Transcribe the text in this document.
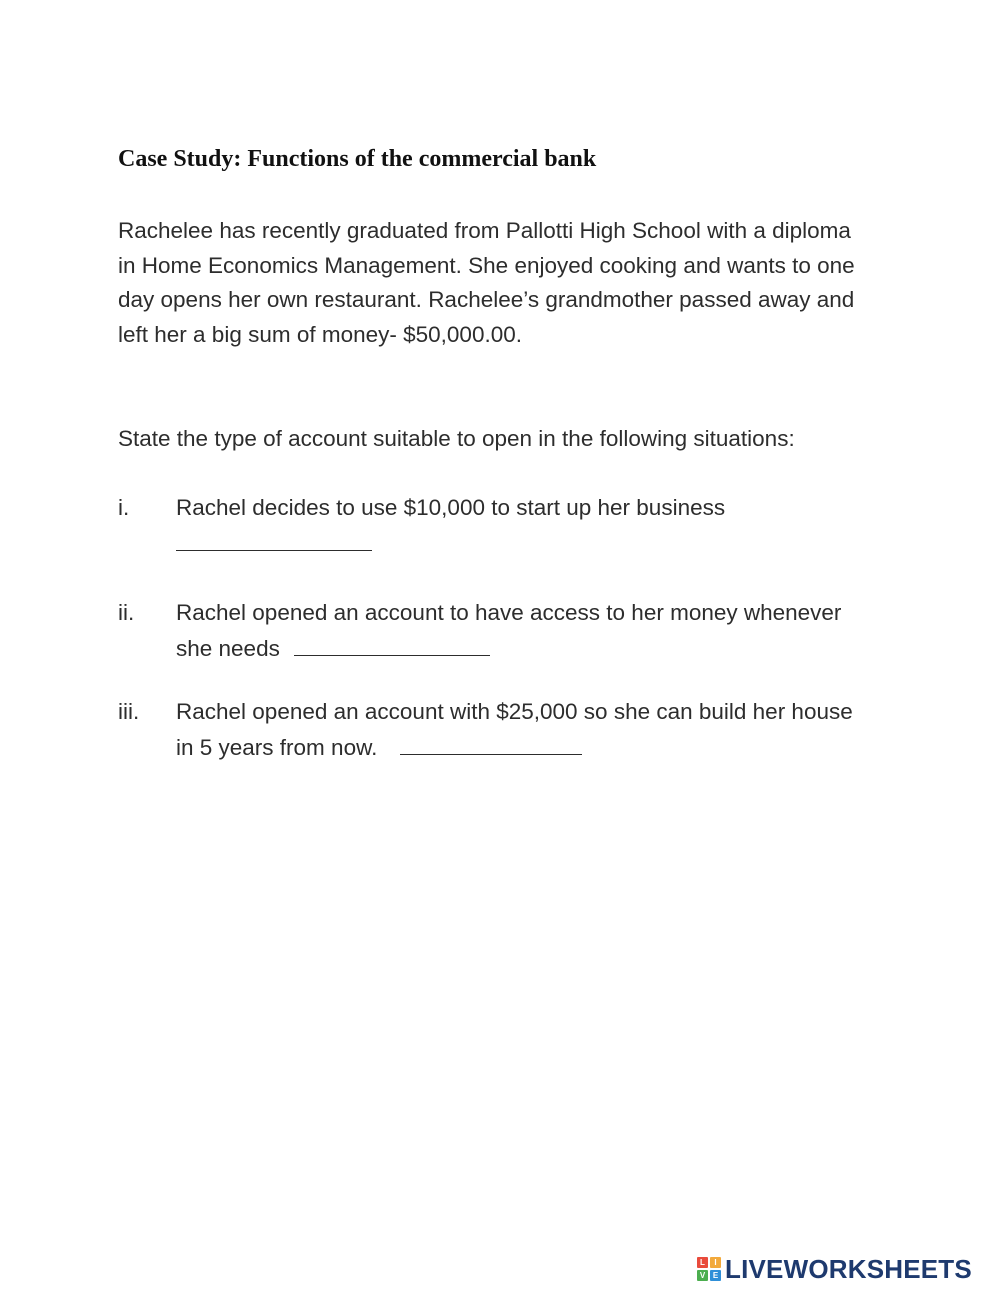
Case Study: Functions of the commercial bank
Rachelee has recently graduated from Pallotti High School with a diploma
in Home Economics Management. She enjoyed cooking and wants to one
day opens her own restaurant. Rachelee’s grandmother passed away and
left her a big sum of money- $50,000.00.
State the type of account suitable to open in the following situations:
i. Rachel decides to use $10,000 to start up her business
ii. Rachel opened an account to have access to her money whenever
she needs
iii. Rachel opened an account with $25,000 so she can build her house
in 5 years from now.
L	I
V E LIVEWORKSHEETS
